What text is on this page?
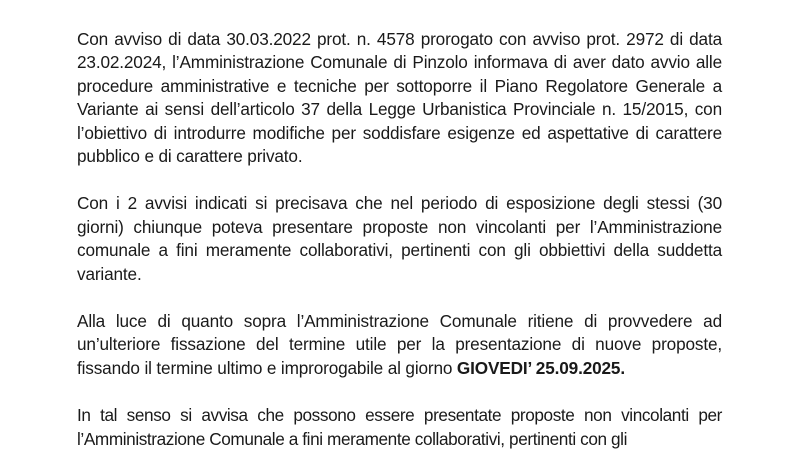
Con avviso di data 30.03.2022 prot. n. 4578 prorogato con avviso prot. 2972 di data 23.02.2024, l’Amministrazione Comunale di Pinzolo informava di aver dato avvio alle procedure amministrative e tecniche per sottoporre il Piano Regolatore Generale a Variante ai sensi dell’articolo 37 della Legge Urbanistica Provinciale n. 15/2015, con l’obiettivo di introdurre modifiche per soddisfare esigenze ed aspettative di carattere pubblico e di carattere privato.

Con i 2 avvisi indicati si precisava che nel periodo di esposizione degli stessi (30 giorni) chiunque poteva presentare proposte non vincolanti per l’Amministrazione comunale a fini meramente collaborativi, pertinenti con gli obbiettivi della suddetta variante.

Alla luce di quanto sopra l’Amministrazione Comunale ritiene di provvedere ad un’ulteriore fissazione del termine utile per la presentazione di nuove proposte, fissando il termine ultimo e improrogabile al giorno GIOVEDI’ 25.09.2025.

In tal senso si avvisa che possono essere presentate proposte non vincolanti per l’Amministrazione Comunale a fini meramente collaborativi, pertinenti con gli
